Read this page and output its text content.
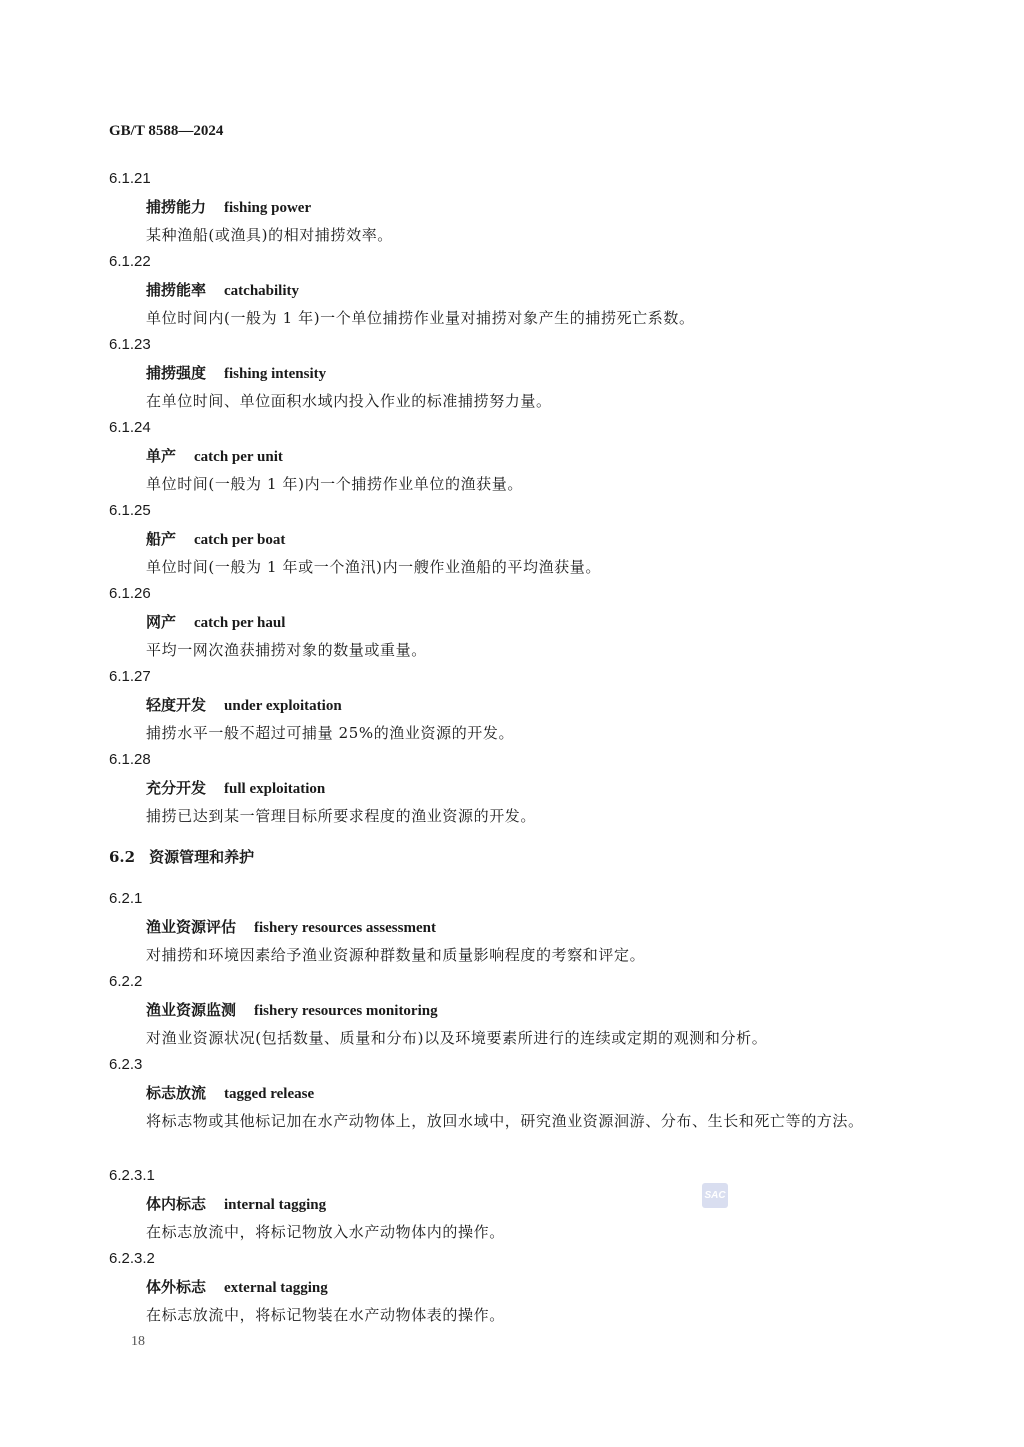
GB/T 8588—2024
6.2 资源管理和养护
6.1.21
捕捞能力 fishing power
某种渔船(或渔具)的相对捕捞效率。
6.1.22
捕捞能率 catchability
单位时间内(一般为 1 年)一个单位捕捞作业量对捕捞对象产生的捕捞死亡系数。
6.1.23
捕捞强度 fishing intensity
在单位时间、单位面积水域内投入作业的标准捕捞努力量。
6.1.24
单产 catch per unit
单位时间(一般为 1 年)内一个捕捞作业单位的渔获量。
6.1.25
船产 catch per boat
单位时间(一般为 1 年或一个渔汛)内一艘作业渔船的平均渔获量。
6.1.26
网产 catch per haul
平均一网次渔获捕捞对象的数量或重量。
6.1.27
轻度开发 under exploitation
捕捞水平一般不超过可捕量 25%的渔业资源的开发。
6.1.28
充分开发 full exploitation
捕捞已达到某一管理目标所要求程度的渔业资源的开发。
6.2.1
渔业资源评估 fishery resources assessment
对捕捞和环境因素给予渔业资源种群数量和质量影响程度的考察和评定。
6.2.2
渔业资源监测 fishery resources monitoring
对渔业资源状况(包括数量、质量和分布)以及环境要素所进行的连续或定期的观测和分析。
6.2.3
标志放流 tagged release
将标志物或其他标记加在水产动物体上，放回水域中，研究渔业资源洄游、分布、生长和死亡等的方法。
6.2.3.1
体内标志 internal tagging
在标志放流中，将标记物放入水产动物体内的操作。
6.2.3.2
体外标志 external tagging
在标志放流中，将标记物装在水产动物体表的操作。
SAC
18
